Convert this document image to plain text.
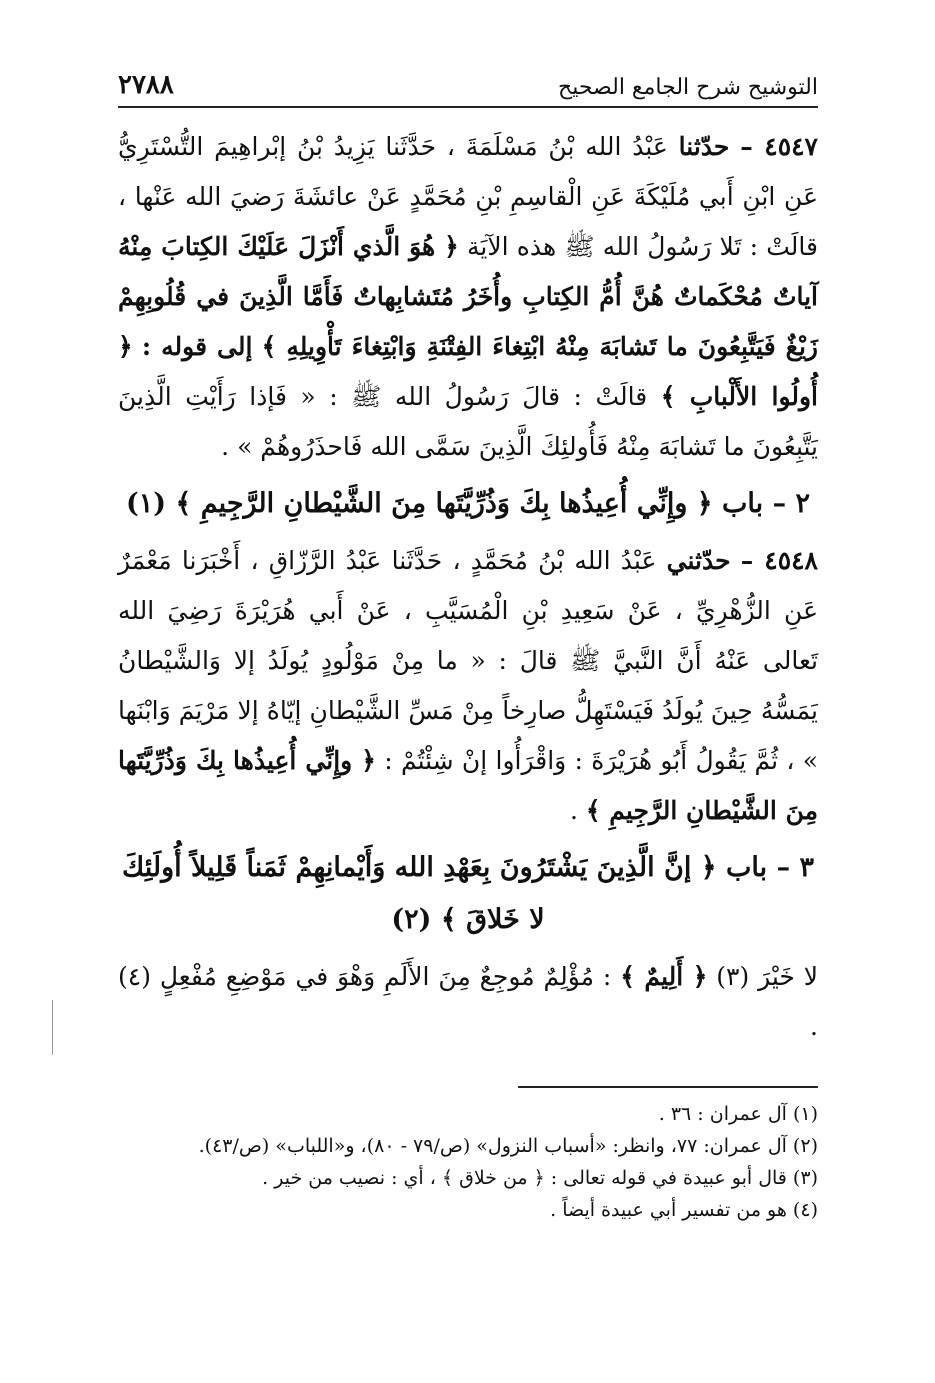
التوشيح شرح الجامع الصحيح
٢٧٨٨

٤٥٤٧ – حدّثنا عَبْدُ الله بْنُ مَسْلَمَةَ ، حَدَّثَنا يَزِيدُ بْنُ إبْراهِيمَ التُّسْتَرِيُّ عَنِ ابْنِ أَبي مُلَيْكَةَ عَنِ الْقاسِمِ بْنِ مُحَمَّدٍ عَنْ عائشَةَ رَضيَ الله عَنْها ، قالَتْ : تَلا رَسُولُ الله ﷺ هذه الآيَة ﴿ هُوَ الَّذي أَنْزَلَ عَلَيْكَ الكِتابَ مِنْهُ آياتٌ مُحْكَماتٌ هُنَّ أُمُّ الكِتابِ وأُخَرُ مُتَشابِهاتٌ فَأَمَّا الَّذِينَ في قُلُوبِهِمْ زَيْغٌ فَيَتَّبِعُونَ ما تَشابَهَ مِنْهُ ابْتِغاءَ الفِتْنَةِ وَابْتِغاءَ تَأْوِيلِهِ ﴾ إلى قوله : ﴿ أُولُوا الأَلْبابِ ﴾ قالَتْ : قالَ رَسُولُ الله ﷺ : « فَإذا رَأَيْتِ الَّذِينَ يَتَّبِعُونَ ما تَشابَهَ مِنْهُ فَأُولئِكَ الَّذِينَ سَمَّى الله فَاحذَرُوهُمْ » .

٢ – باب ﴿ وإِنِّي أُعِيذُها بِكَ وَذُرِّيَّتَها مِنَ الشَّيْطانِ الرَّجِيمِ ﴾ (١)

٤٥٤٨ – حدّثني عَبْدُ الله بْنُ مُحَمَّدٍ ، حَدَّثَنا عَبْدُ الرَّزّاقِ ، أَخْبَرَنا مَعْمَرٌ عَنِ الزُّهْرِيِّ ، عَنْ سَعِيدِ بْنِ الْمُسَيَّبِ ، عَنْ أَبي هُرَيْرَةَ رَضِيَ الله تَعالى عَنْهُ أَنَّ النَّبيَّ ﷺ قالَ : « ما مِنْ مَوْلُودٍ يُولَدُ إلا وَالشَّيْطانُ يَمَسُّهُ حِينَ يُولَدُ فَيَسْتَهِلُّ صارِخاً مِنْ مَسِّ الشَّيْطانِ إيّاهُ إلا مَرْيَمَ وَابْنَها » ، ثُمَّ يَقُولُ أَبُو هُرَيْرَةَ : وَاقْرَأُوا إنْ شِئْتُمْ : ﴿ وإِنِّي أُعِيذُها بِكَ وَذُرِّيَّتَها مِنَ الشَّيْطانِ الرَّجِيمِ ﴾ .

٣ – باب ﴿ إنَّ الَّذِينَ يَشْتَرُونَ بِعَهْدِ الله وَأَيْمانِهِمْ ثَمَناً قَلِيلاً أُولَئِكَ لا خَلاقَ ﴾ (٢)

لا خَيْرَ (٣) ﴿ أَلِيمٌ ﴾ : مُؤْلِمٌ مُوجِعٌ مِنَ الأَلَمِ وَهْوَ في مَوْضِعِ مُفْعِلٍ (٤) .

(١) آل عمران : ٣٦ .
(٢) آل عمران: ٧٧، وانظر: «أسباب النزول» (ص/٧٩ - ٨٠)، و«اللباب» (ص/٤٣).
(٣) قال أبو عبيدة في قوله تعالى : ﴿ من خلاق ﴾ ، أي : نصيب من خير .
(٤) هو من تفسير أبي عبيدة أيضاً .
